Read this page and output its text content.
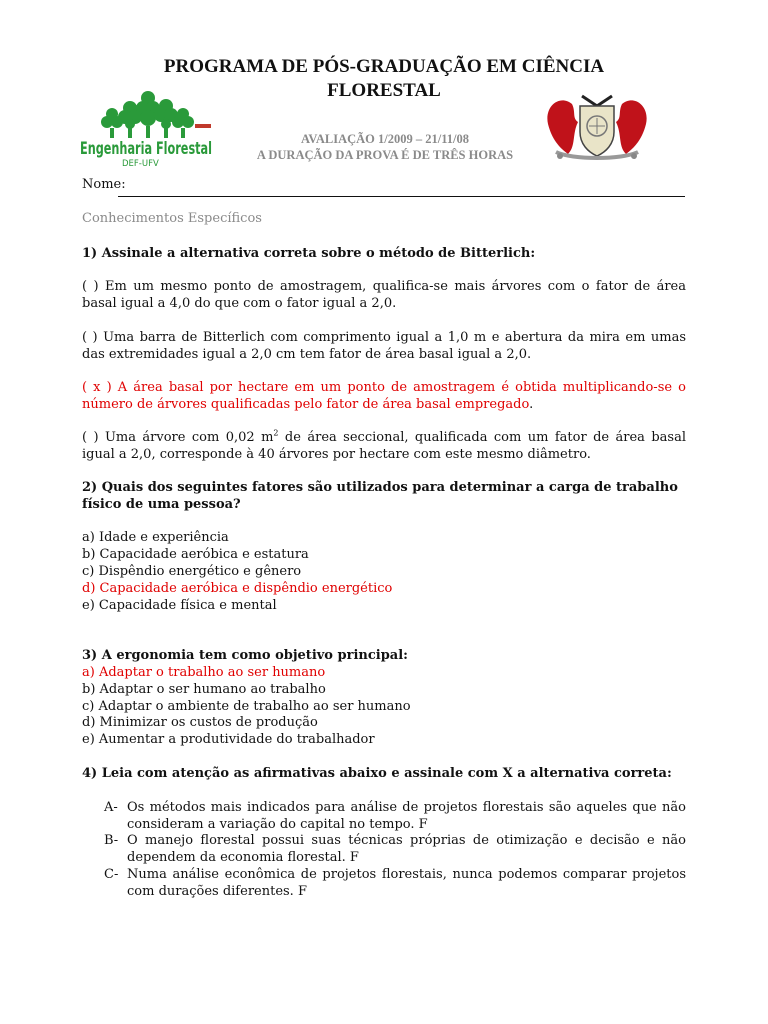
PROGRAMA DE PÓS-GRADUAÇÃO EM CIÊNCIA
FLORESTAL
Engenharia Florestal
DEF-UFV
AVALIAÇÃO 1/2009 – 21/11/08
A DURAÇÃO DA PROVA É DE TRÊS HORAS
Nome:
Conhecimentos Específicos
1) Assinale a alternativa correta sobre o método de Bitterlich:
( ) Em um mesmo ponto de amostragem, qualifica-se mais árvores com o fator de área basal igual a 4,0 do que com o fator igual a 2,0.
( ) Uma barra de Bitterlich com comprimento igual a 1,0 m e abertura da mira em umas das extremidades igual a 2,0 cm tem fator de área basal igual a 2,0.
( x ) A área basal por hectare em um ponto de amostragem é obtida multiplicando-se o número de árvores qualificadas pelo fator de área basal empregado.
( ) Uma árvore com 0,02 $m^2$ de área seccional, qualificada com um fator de área basal igual a 2,0, corresponde à 40 árvores por hectare com este mesmo diâmetro.
2) Quais dos seguintes fatores são utilizados para determinar a carga de trabalho físico de uma pessoa?
a) Idade e experiência
b) Capacidade aeróbica e estatura
c) Dispêndio energético e gênero
d) Capacidade aeróbica e dispêndio energético
e) Capacidade física e mental
3) A ergonomia tem como objetivo principal:
a) Adaptar o trabalho ao ser humano
b) Adaptar o ser humano ao trabalho
c) Adaptar o ambiente de trabalho ao ser humano
d) Minimizar os custos de produção
e) Aumentar a produtividade do trabalhador
4) Leia com atenção as afirmativas abaixo e assinale com X a alternativa correta:
A- Os métodos mais indicados para análise de projetos florestais são aqueles que não consideram a variação do capital no tempo. F
B- O manejo florestal possui suas técnicas próprias de otimização e decisão e não dependem da economia florestal. F
C- Numa análise econômica de projetos florestais, nunca podemos comparar projetos com durações diferentes. F
